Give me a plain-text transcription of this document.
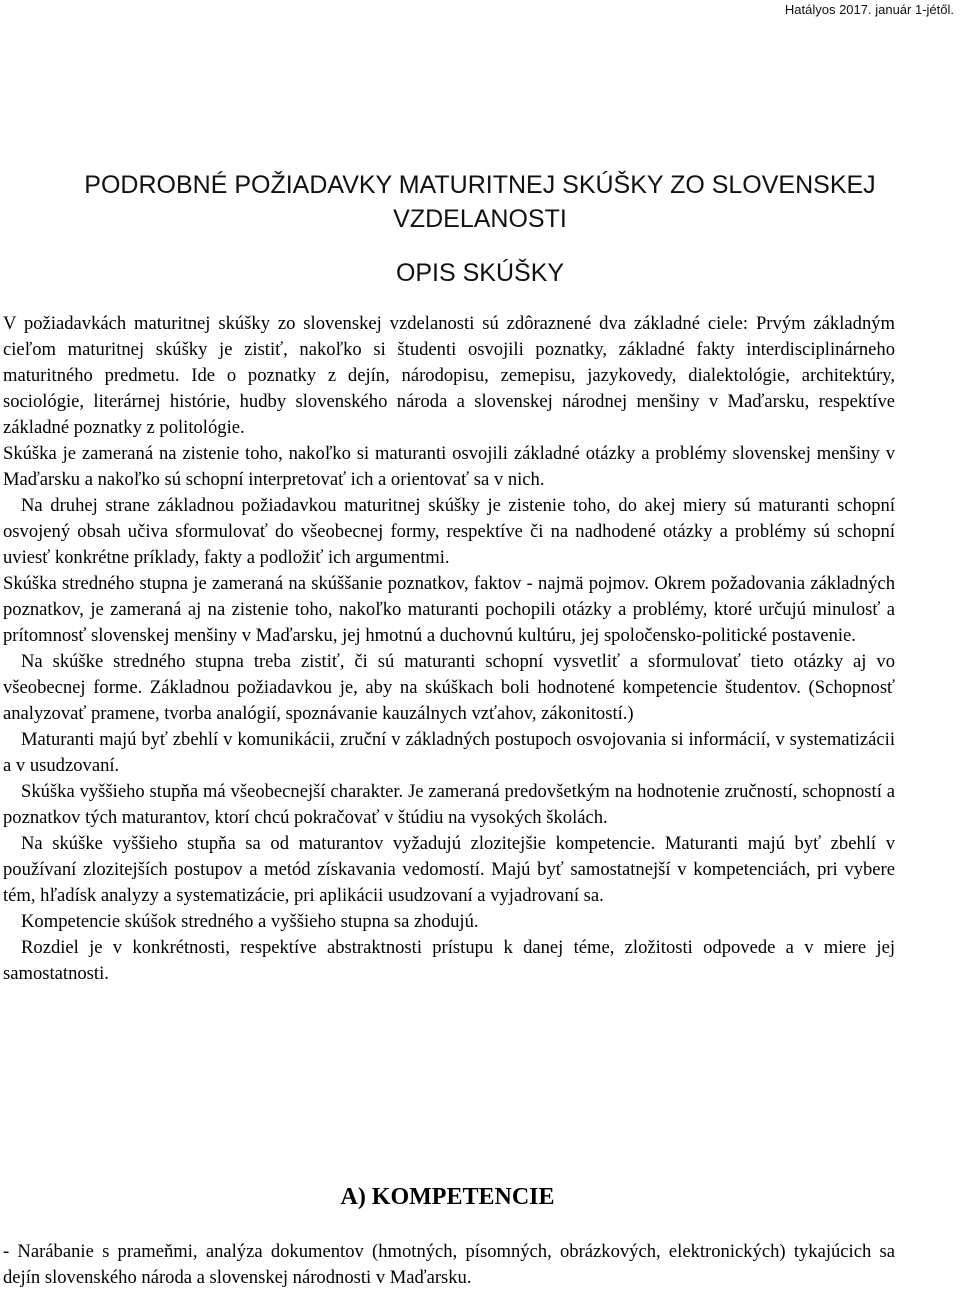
Hatályos 2017. január 1-jétől.
PODROBNÉ POŽIADAVKY MATURITNEJ SKÚŠKY ZO SLOVENSKEJ VZDELANOSTI
OPIS SKÚŠKY

V požiadavkách maturitnej skúšky zo slovenskej vzdelanosti sú zdôraznené dva základné ciele: Prvým základným cieľom maturitnej skúšky je zistiť, nakoľko si študenti osvojili poznatky, základné fakty interdisciplinárneho maturitného predmetu. Ide o poznatky z dejín, národopisu, zemepisu, jazykovedy, dialektológie, architektúry, sociológie, literárnej histórie, hudby slovenského národa a slovenskej národnej menšiny v Maďarsku, respektíve základné poznatky z politológie.

Skúška je zameraná na zistenie toho, nakoľko si maturanti osvojili základné otázky a problémy slovenskej menšiny v Maďarsku a nakoľko sú schopní interpretovať ich a orientovať sa v nich.

Na druhej strane základnou požiadavkou maturitnej skúšky je zistenie toho, do akej miery sú maturanti schopní osvojený obsah učiva sformulovať do všeobecnej formy, respektíve či na nadhodené otázky a problémy sú schopní uviesť konkrétne príklady, fakty a podložiť ich argumentmi.

Skúška stredného stupna je zameraná na skúššanie poznatkov, faktov - najmä pojmov. Okrem požadovania základných poznatkov, je zameraná aj na zistenie toho, nakoľko maturanti pochopili otázky a problémy, ktoré určujú minulosť a prítomnosť slovenskej menšiny v Maďarsku, jej hmotnú a duchovnú kultúru, jej spoločensko-politické postavenie.

Na skúške stredného stupna treba zistiť, či sú maturanti schopní vysvetliť a sformulovať tieto otázky aj vo všeobecnej forme. Základnou požiadavkou je, aby na skúškach boli hodnotené kompetencie študentov. (Schopnosť analyzovať pramene, tvorba analógií, spoznávanie kauzálnych vzťahov, zákonitostí.)

Maturanti majú byť zbehlí v komunikácii, zruční v základných postupoch osvojovania si informácií, v systematizácii a v usudzovaní.

Skúška vyššieho stupňa má všeobecnejší charakter. Je zameraná predovšetkým na hodnotenie zručností, schopností a poznatkov tých maturantov, ktorí chcú pokračovať v štúdiu na vysokých školách.

Na skúške vyššieho stupňa sa od maturantov vyžadujú zlozitejšie kompetencie. Maturanti majú byť zbehlí v používaní zlozitejších postupov a metód získavania vedomostí. Majú byť samostatnejší v kompetenciách, pri vybere tém, hľadísk analyzy a systematizácie, pri aplikácii usudzovaní a vyjadrovaní sa.

Kompetencie skúšok stredného a vyššieho stupna sa zhodujú.

Rozdiel je v konkrétnosti, respektíve abstraktnosti prístupu k danej téme, zložitosti odpovede a v miere jej samostatnosti.

A) KOMPETENCIE

- Narábanie s prameňmi, analýza dokumentov (hmotných, písomných, obrázkových, elektronických) tykajúcich sa dejín slovenského národa a slovenskej národnosti v Maďarsku.
